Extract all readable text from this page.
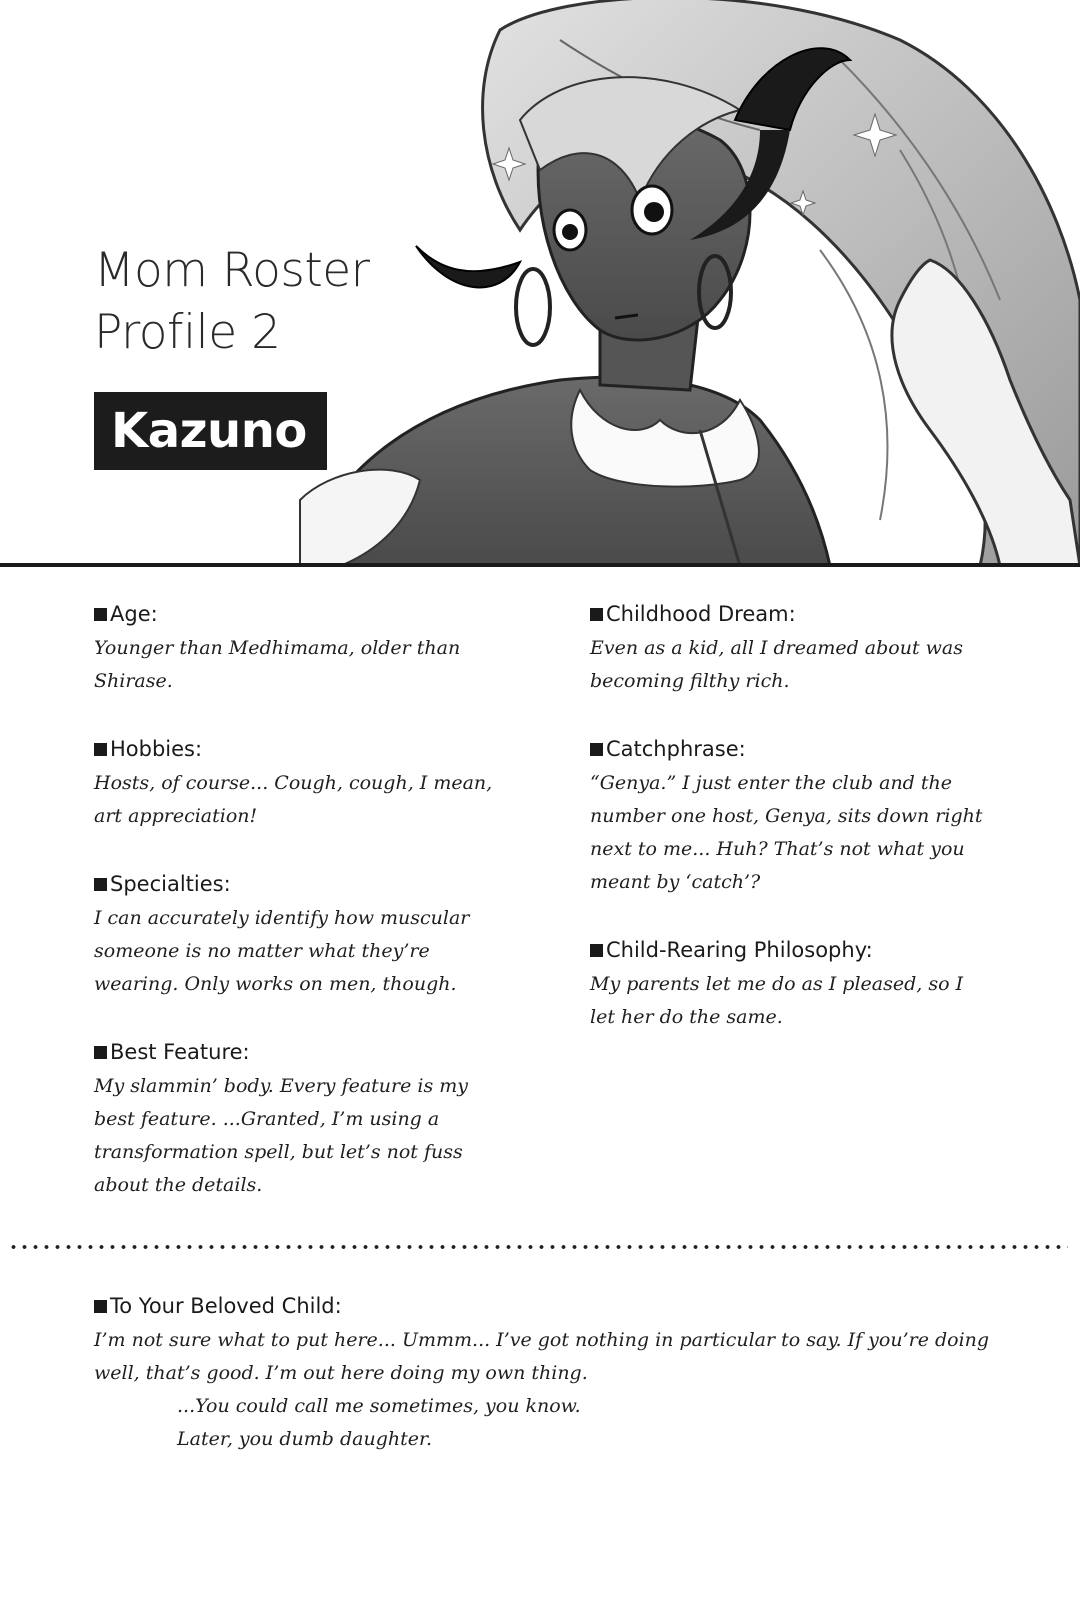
Mom Roster
Profile 2
Kazuno
Age:
Younger than Medhimama, older than
Shirase.
Hobbies:
Hosts, of course... Cough, cough, I mean,
art appreciation!
Specialties:
I can accurately identify how muscular
someone is no matter what they’re
wearing. Only works on men, though.
Best Feature:
My slammin’ body. Every feature is my
best feature. ...Granted, I’m using a
transformation spell, but let’s not fuss
about the details.
Childhood Dream:
Even as a kid, all I dreamed about was
becoming filthy rich.
Catchphrase:
“Genya.” I just enter the club and the
number one host, Genya, sits down right
next to me... Huh? That’s not what you
meant by ‘catch’?
Child-Rearing Philosophy:
My parents let me do as I pleased, so I
let her do the same.
To Your Beloved Child:
I’m not sure what to put here... Ummm... I’ve got nothing in particular to say. If you’re doing
well, that’s good. I’m out here doing my own thing.
...You could call me sometimes, you know.
Later, you dumb daughter.
